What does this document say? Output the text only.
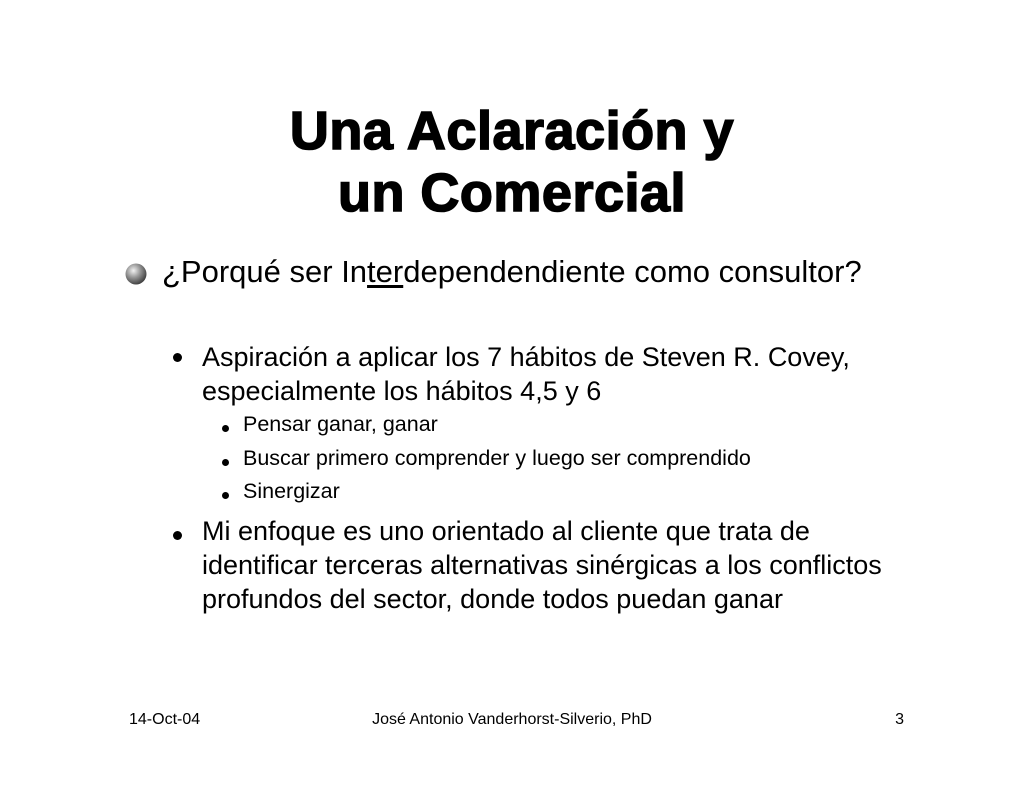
Una Aclaración y
un Comercial
¿Porqué ser Interdependendiente como consultor?
Aspiración a aplicar los 7 hábitos de Steven R. Covey, especialmente los hábitos 4,5 y 6
Pensar ganar, ganar
Buscar primero comprender y luego ser comprendido
Sinergizar
Mi enfoque es uno orientado al cliente que trata de identificar terceras alternativas sinérgicas a los conflictos profundos del sector, donde todos puedan ganar
14-Oct-04	José Antonio Vanderhorst-Silverio, PhD	3
